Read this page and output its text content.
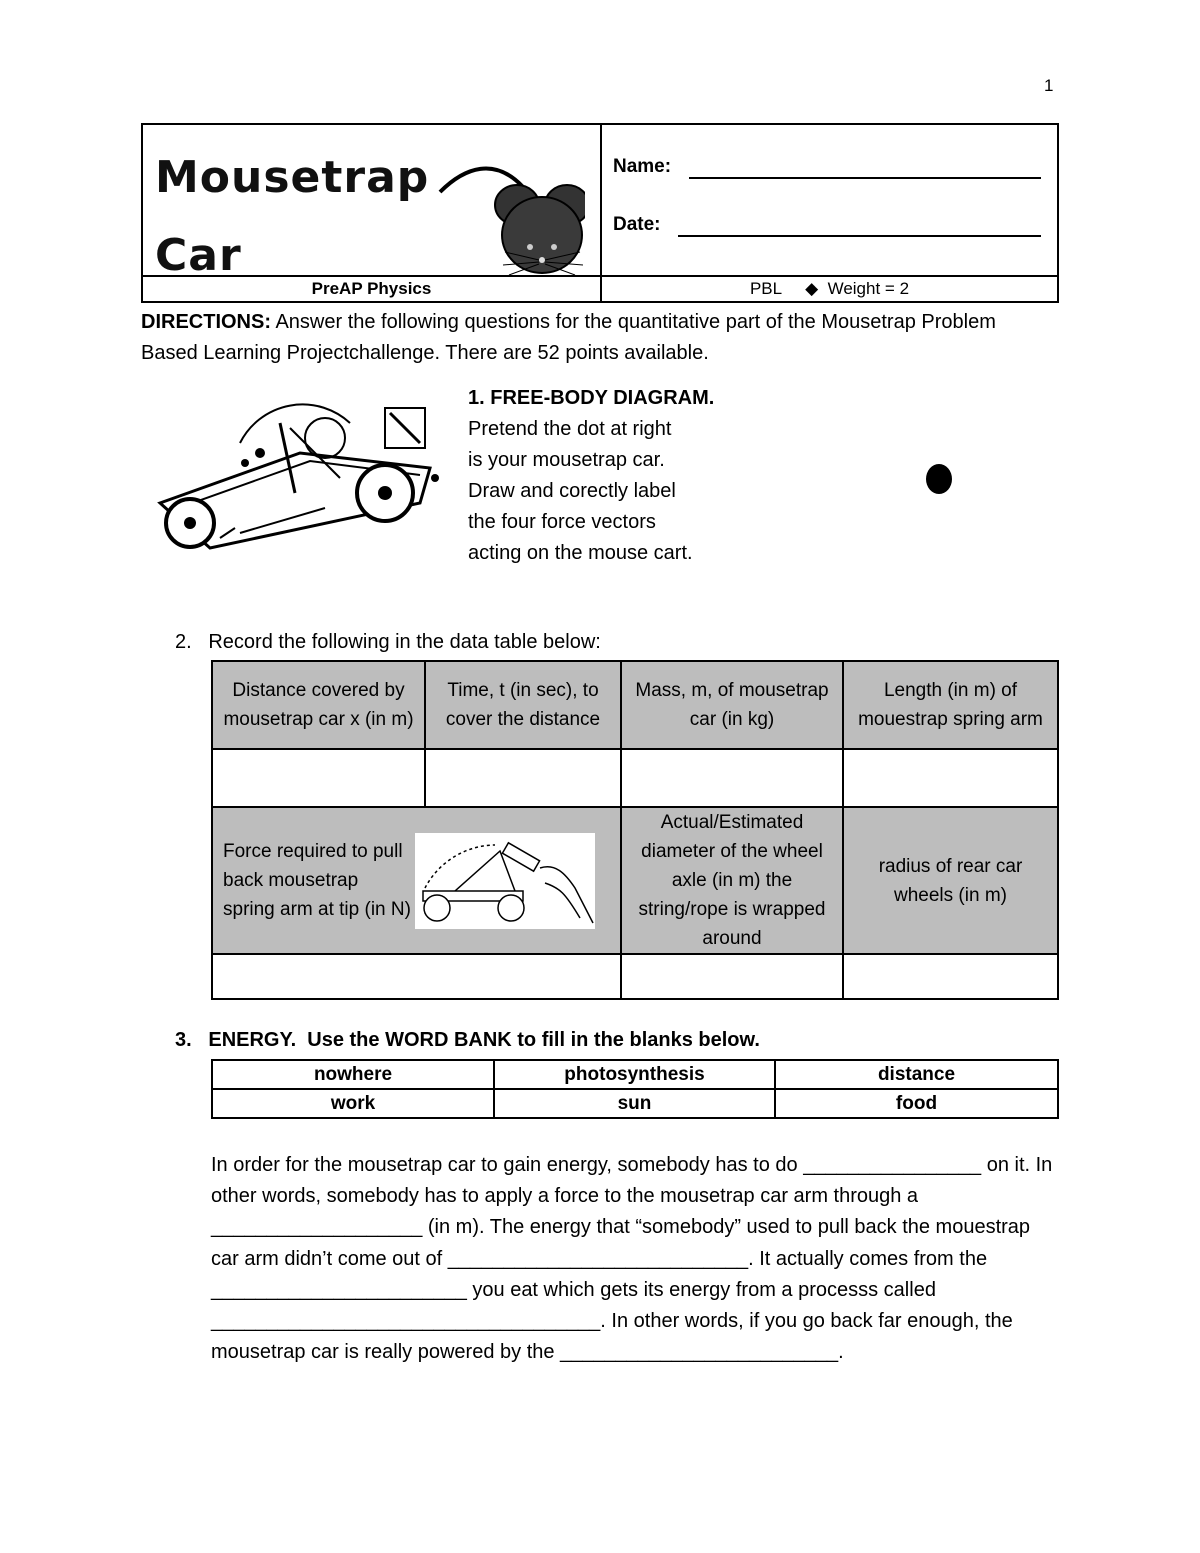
1
Mousetrap
Car
Name:
Date:
PreAP Physics	PBL     ◆  Weight = 2
DIRECTIONS: Answer the following questions for the quantitative part of the Mousetrap Problem Based Learning Projectchallenge. There are 52 points available.
1. FREE-BODY DIAGRAM.
Pretend the dot at right
is your mousetrap car.
Draw and corectly label
the four force vectors
acting on the mouse cart.
2.   Record the following in the data table below:
Distance covered by mousetrap car x (in m)	Time, t (in sec), to cover the distance	Mass, m, of mousetrap car (in kg)	Length (in m) of mouestrap spring arm

Force required to pull back mousetrap spring arm at tip (in N)		Actual/Estimated diameter of the wheel axle (in m) the string/rope is wrapped around	radius of rear car wheels (in m)

3.   ENERGY.  Use the WORD BANK to fill in the blanks below.
nowhere	photosynthesis	distance
work	sun	food
In order for the mousetrap car to gain energy, somebody has to do ________________ on it. In other words, somebody has to apply a force to the mousetrap car arm through a ___________________ (in m). The energy that “somebody” used to pull back the mouestrap car arm didn’t come out of ___________________________. It actually comes from the _______________________ you eat which gets its energy from a processs called ___________________________________. In other words, if you go back far enough, the mousetrap car is really powered by the _________________________.
